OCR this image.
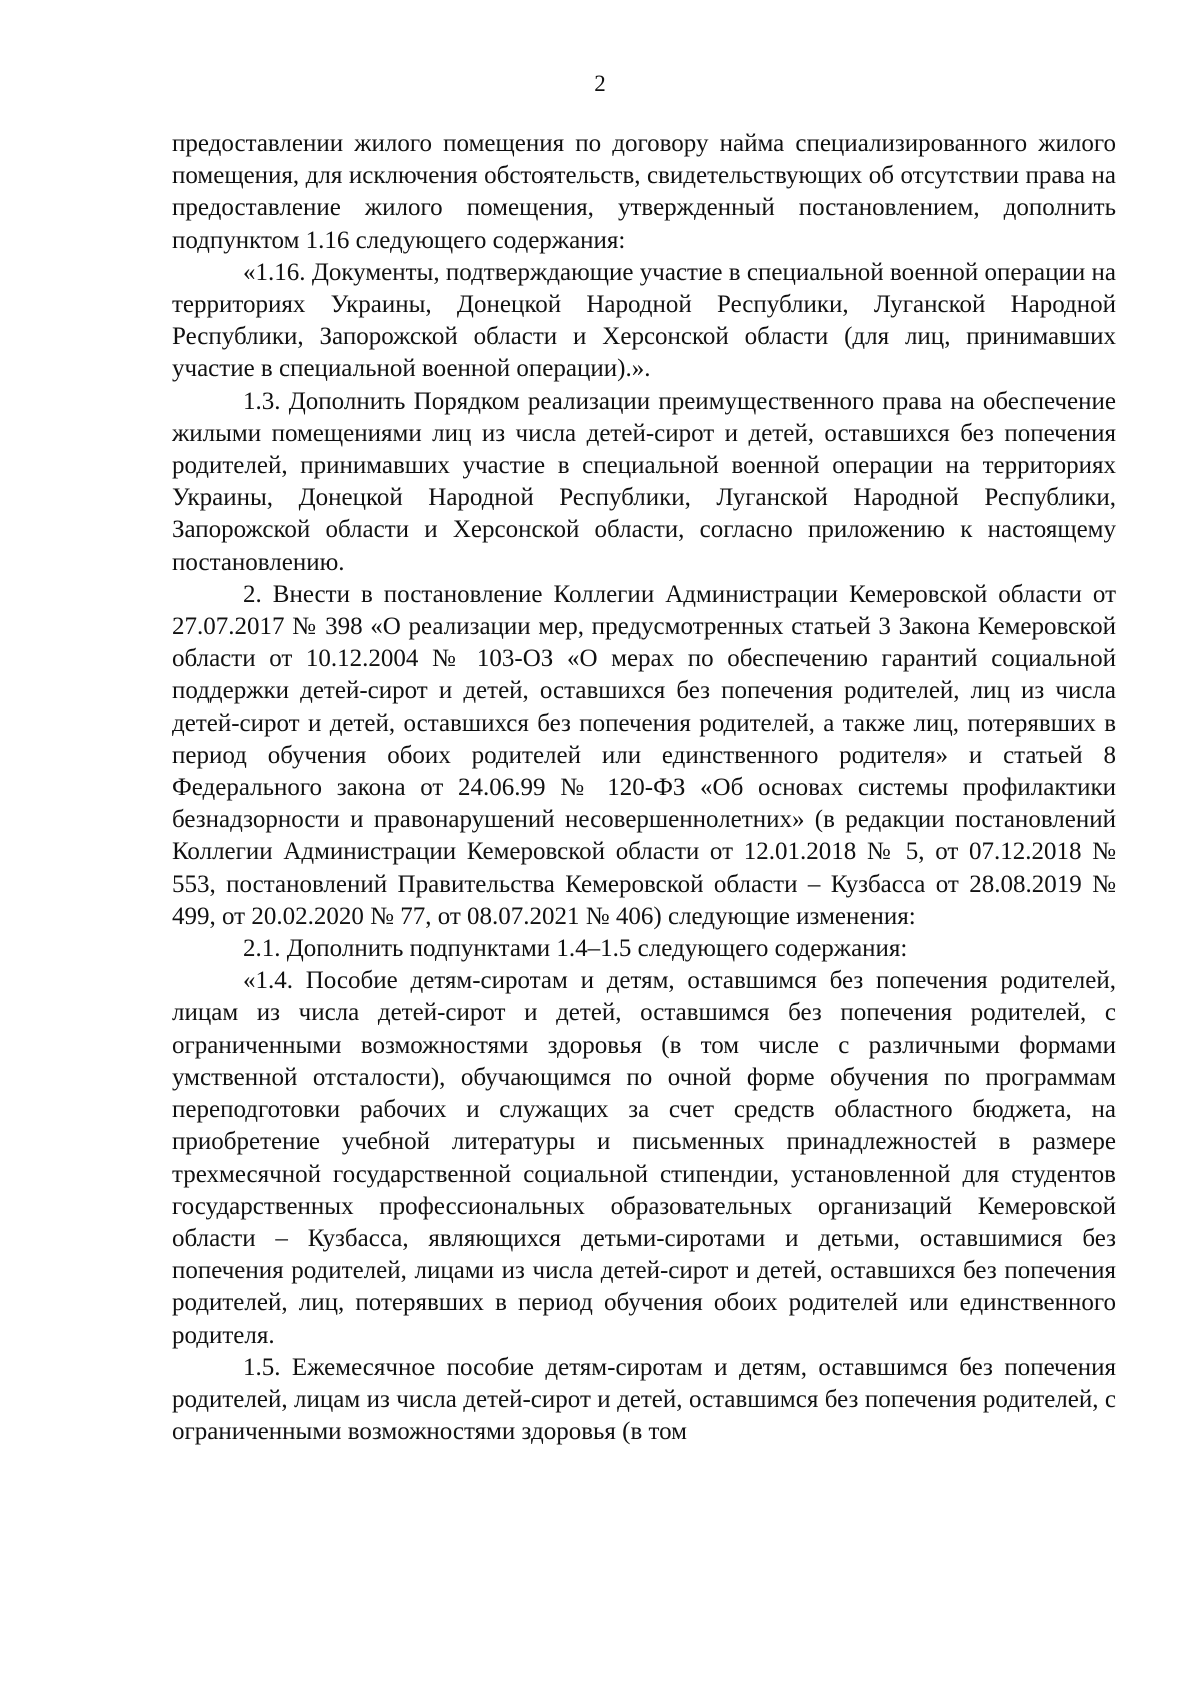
2

предоставлении жилого помещения по договору найма специализированного жилого помещения, для исключения обстоятельств, свидетельствующих об отсутствии права на предоставление жилого помещения, утвержденный постановлением, дополнить подпунктом 1.16 следующего содержания:

«1.16. Документы, подтверждающие участие в специальной военной операции на территориях Украины, Донецкой Народной Республики, Луганской Народной Республики, Запорожской области и Херсонской области (для лиц, принимавших участие в специальной военной операции).».

1.3. Дополнить Порядком реализации преимущественного права на обеспечение жилыми помещениями лиц из числа детей-сирот и детей, оставшихся без попечения родителей, принимавших участие в специальной военной операции на территориях Украины, Донецкой Народной Республики, Луганской Народной Республики, Запорожской области и Херсонской области, согласно приложению к настоящему постановлению.

2. Внести в постановление Коллегии Администрации Кемеровской области от 27.07.2017 № 398 «О реализации мер, предусмотренных статьей 3 Закона Кемеровской области от 10.12.2004 № 103-ОЗ «О мерах по обеспечению гарантий социальной поддержки детей-сирот и детей, оставшихся без попечения родителей, лиц из числа детей-сирот и детей, оставшихся без попечения родителей, а также лиц, потерявших в период обучения обоих родителей или единственного родителя» и статьей 8 Федерального закона от 24.06.99 № 120-ФЗ «Об основах системы профилактики безнадзорности и правонарушений несовершеннолетних» (в редакции постановлений Коллегии Администрации Кемеровской области от 12.01.2018 № 5, от 07.12.2018 № 553, постановлений Правительства Кемеровской области – Кузбасса от 28.08.2019 № 499, от 20.02.2020 № 77, от 08.07.2021 № 406) следующие изменения:

2.1. Дополнить подпунктами 1.4–1.5 следующего содержания:

«1.4. Пособие детям-сиротам и детям, оставшимся без попечения родителей, лицам из числа детей-сирот и детей, оставшимся без попечения родителей, с ограниченными возможностями здоровья (в том числе с различными формами умственной отсталости), обучающимся по очной форме обучения по программам переподготовки рабочих и служащих за счет средств областного бюджета, на приобретение учебной литературы и письменных принадлежностей в размере трехмесячной государственной социальной стипендии, установленной для студентов государственных профессиональных образовательных организаций Кемеровской области – Кузбасса, являющихся детьми-сиротами и детьми, оставшимися без попечения родителей, лицами из числа детей-сирот и детей, оставшихся без попечения родителей, лиц, потерявших в период обучения обоих родителей или единственного родителя.

1.5. Ежемесячное пособие детям-сиротам и детям, оставшимся без попечения родителей, лицам из числа детей-сирот и детей, оставшимся без попечения родителей, с ограниченными возможностями здоровья (в том
